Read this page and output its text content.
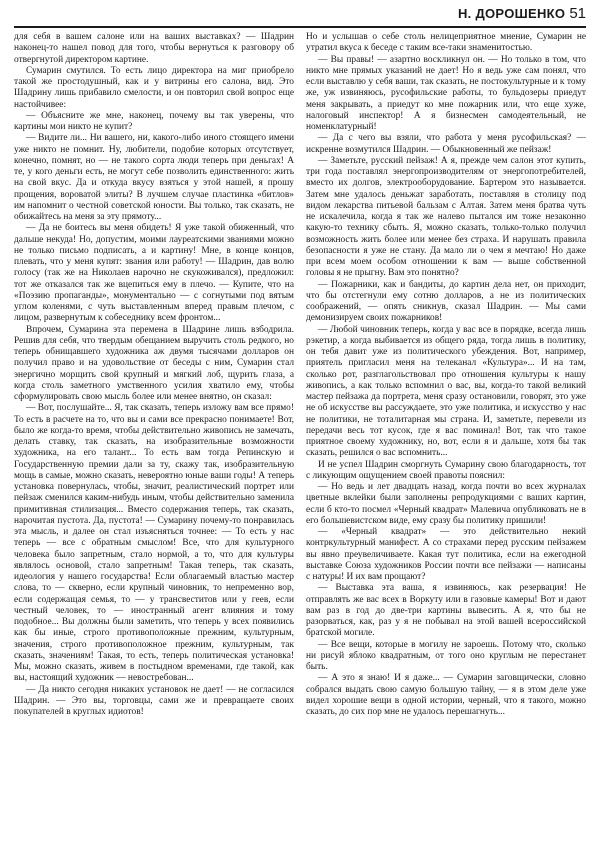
Н. ДОРОШЕНКО 51

для себя в вашем салоне или на ваших выставках? — Шадрин наконец-то нашел повод для того, чтобы вернуться к разговору об отвергнутой директором картине.

Сумарин смутился. То есть лицо директора на миг приобрело такой же простодушный, как и у витрины его салона, вид. Это Шадрину лишь прибавило смелости, и он повторил свой вопрос еще настойчивее:

— Объясните же мне, наконец, почему вы так уверены, что картины мои никто не купит?

— Видите ли... Ни вашего, ни, какого-либо иного стоящего имени уже никто не помнит. Ну, любители, подобие которых отсутствует, конечно, помнят, но — не такого сорта люди теперь при деньгах! А те, у кого деньги есть, не могут себе позволить единственного: жить на свой вкус. Да и откуда вкусу взяться у этой нашей, я прошу прощения, вороватой элиты? В лучшем случае пластинка «битлов» им напомнит о честной советской юности. Вы только, так сказать, не обижайтесь на меня за эту прямоту...

— Да не боитесь вы меня обидеть! Я уже такой обиженный, что дальше некуда! Но, допустим, моими лауреатскими званиями можно не только письмо подписать, а и картину! Мне, в конце концов, плевать, что у меня купят: звания или работу! — Шадрин, дав волю голосу (так же на Николаев нарочно не скукоживался), предложил: тот же отказался так же вцепиться ему в плечо. — Купите, что на «Поэзию пропаганды», монументально — с согнутыми под вятым углом коленями, с чуть выставленным вперед правым плечом, с лицом, развернутым к собеседнику всем фронтом...

Впрочем, Сумарина эта перемена в Шадрине лишь взбодрила. Решив для себя, что твердым обещанием выручить столь редкого, но теперь обнищавшего художника аж двумя тысячами долларов он получил право и на удовольствие от беседы с ним, Сумарин стал энергично морщить свой крупный и мягкий лоб, щурить глаза, а когда столь заметного умственного усилия хватило ему, чтобы сформулировать свою мысль более или менее внятно, он сказал:

— Вот, послушайте... Я, так сказать, теперь изложу вам все прямо! То есть в расчете на то, что вы и сами все прекрасно понимаете! Вот, было же когда-то время, чтобы действительно живопись не замечать, делать ставку, так сказать, на изобразительные возможности художника, на его талант... То есть вам тогда Репинскую и Государственную премии дали за ту, скажу так, изобразительную мощь в самые, можно сказать, невероятно юные ваши годы! А теперь установка повернулась, чтобы, значит, реалистический портрет или пейзаж сменился каким-нибудь иным, чтобы действительно заменила примитивная стилизация... Вместо содержания теперь, так сказать, нарочитая пустота. Да, пустота! — Сумарину почему-то понравилась эта мысль, и далее он стал изъясняться точнее: — То есть у нас теперь — все с обратным смыслом! Все, что для культурного человека было запретным, стало нормой, а то, что для культуры являлось основой, стало запретным! Такая теперь, так сказать, идеология у нашего государства! Если облагаемый властью мастер слова, то — скверно, если крупный чиновник, то непременно вор, если содержащая семья, то — у трансвеститов или у геев, если честный человек, то — иностранный агент влияния и тому подобное... Вы должны были заметить, что теперь у всех появились как бы иные, строго противоположные прежним, культурным, значения, строго противоположное прежним, культурным, так сказать, значениям! Такая, то есть, теперь политическая установка! Мы, можно сказать, живем в постыдном временами, где такой, как вы, настоящий художник — невостребован...

— Да никто сегодня никаких установок не дает! — не согласился Шадрин. — Это вы, торговцы, сами же и превращаете своих покупателей в круглых идиотов!

Но и услышав о себе столь нелицеприятное мнение, Сумарин не утратил вкуса к беседе с таким все-таки знаменитостью.

— Вы правы! — азартно воскликнул он. — Но только в том, что никто мне прямых указаний не дает! Но я ведь уже сам понял, что если выставлю у себя ваши, так сказать, не постокультурные и к тому же, уж извиняюсь, русофильские работы, то бульдозеры приедут меня закрывать, а приедут ко мне пожарник или, что еще хуже, налоговый инспектор! А я бизнесмен самодеятельный, не номенклатурный!

— Да с чего вы взяли, что работа у меня русофильская? — искренне возмутился Шадрин. — Обыкновенный же пейзаж!

— Заметьте, русский пейзаж! А я, прежде чем салон этот купить, три года поставлял энергопроизводителям от энергопотребителей, вместо их долгов, электрооборудование. Бартером это называется. Затем мне удалось деньжат заработать, поставляя в столицу под видом лекарства питьевой бальзам с Алтая. Затем меня братва чуть не искалечила, когда я так же налево пытался им тоже незаконно какую-то технику сбыть. Я, можно сказать, только-только получил возможность жить более или менее без страха. И нарушать правила безопасности я уже не стану. Да мало ли о чем я мечтаю! Но даже при всем моем особом отношении к вам — выше собственной головы я не прыгну. Вам это понятно?

— Пожарники, как и бандиты, до картин дела нет, он приходит, что бы отстегнули ему сотню долларов, а не из политических соображений, — опять сникнув, сказал Шадрин. — Мы сами демонизируем своих пожарников!

— Любой чиновник теперь, когда у вас все в порядке, всегда лишь рэкетир, а когда выбивается из общего ряда, тогда лишь в политику, он тебя давит уже из политического убеждения. Вот, например, приятель пригласил меня на телеканал «Культура»... И на там, сколько рот, разглагольствовал про отношения культуры к нашу живопись, а как только вспомнил о вас, вы, когда-то такой великий мастер пейзажа да портрета, меня сразу остановили, говорят, это уже не об искусстве вы рассуждаете, это уже политика, и искусство у нас не политики, не тоталитарная мы страна. И, заметьте, перевели из передачи весь тот кусок, где я вас поминал! Вот, так что такое приятное своему художнику, но, вот, если я и дальше, хотя бы так сказать, решился о вас вспомнить...

И не успел Шадрин смоpгнуть Сумарину свою благодарность, тот с ликующим ощущением своей правоты пояснил:

— Но ведь и лет двадцать назад, когда почти во всех журналах цветные вклейки были заполнены репродукциями с ваших картин, если б кто-то посмел «Черный квадрат» Малевича опубликовать не в его большевистском виде, ему сразу бы политику пришили!

— «Черный квадрат» — это действительно некий контркультурный манифест. А со страхами перед русским пейзажем вы явно преувеличиваете. Какая тут политика, если на ежегодной выставке Союза художников России почти все пейзажи — написаны с натуры! И их вам прощают?

— Выставка эта ваша, я извиняюсь, как резервация! Не отправлять же вас всех в Воркуту или в газовые камеры! Вот и дают вам раз в год до две-три картины вывесить. А я, что бы не разорваться, как, раз у я не побывал на этой вашей всероссийской братской могиле.

— Все вещи, которые в могилу не зароешь. Потому что, сколько ни рисуй яблоко квадратным, от того оно круглым не перестанет быть.

— А это я знаю! И я даже... — Сумарин заговщически, словно собрался выдать свою самую большую тайну, — я в этом деле уже видел хорошие вещи в одной истории, черный, что я такого, можно сказать, до сих пор мне не удалось перешагнуть...
